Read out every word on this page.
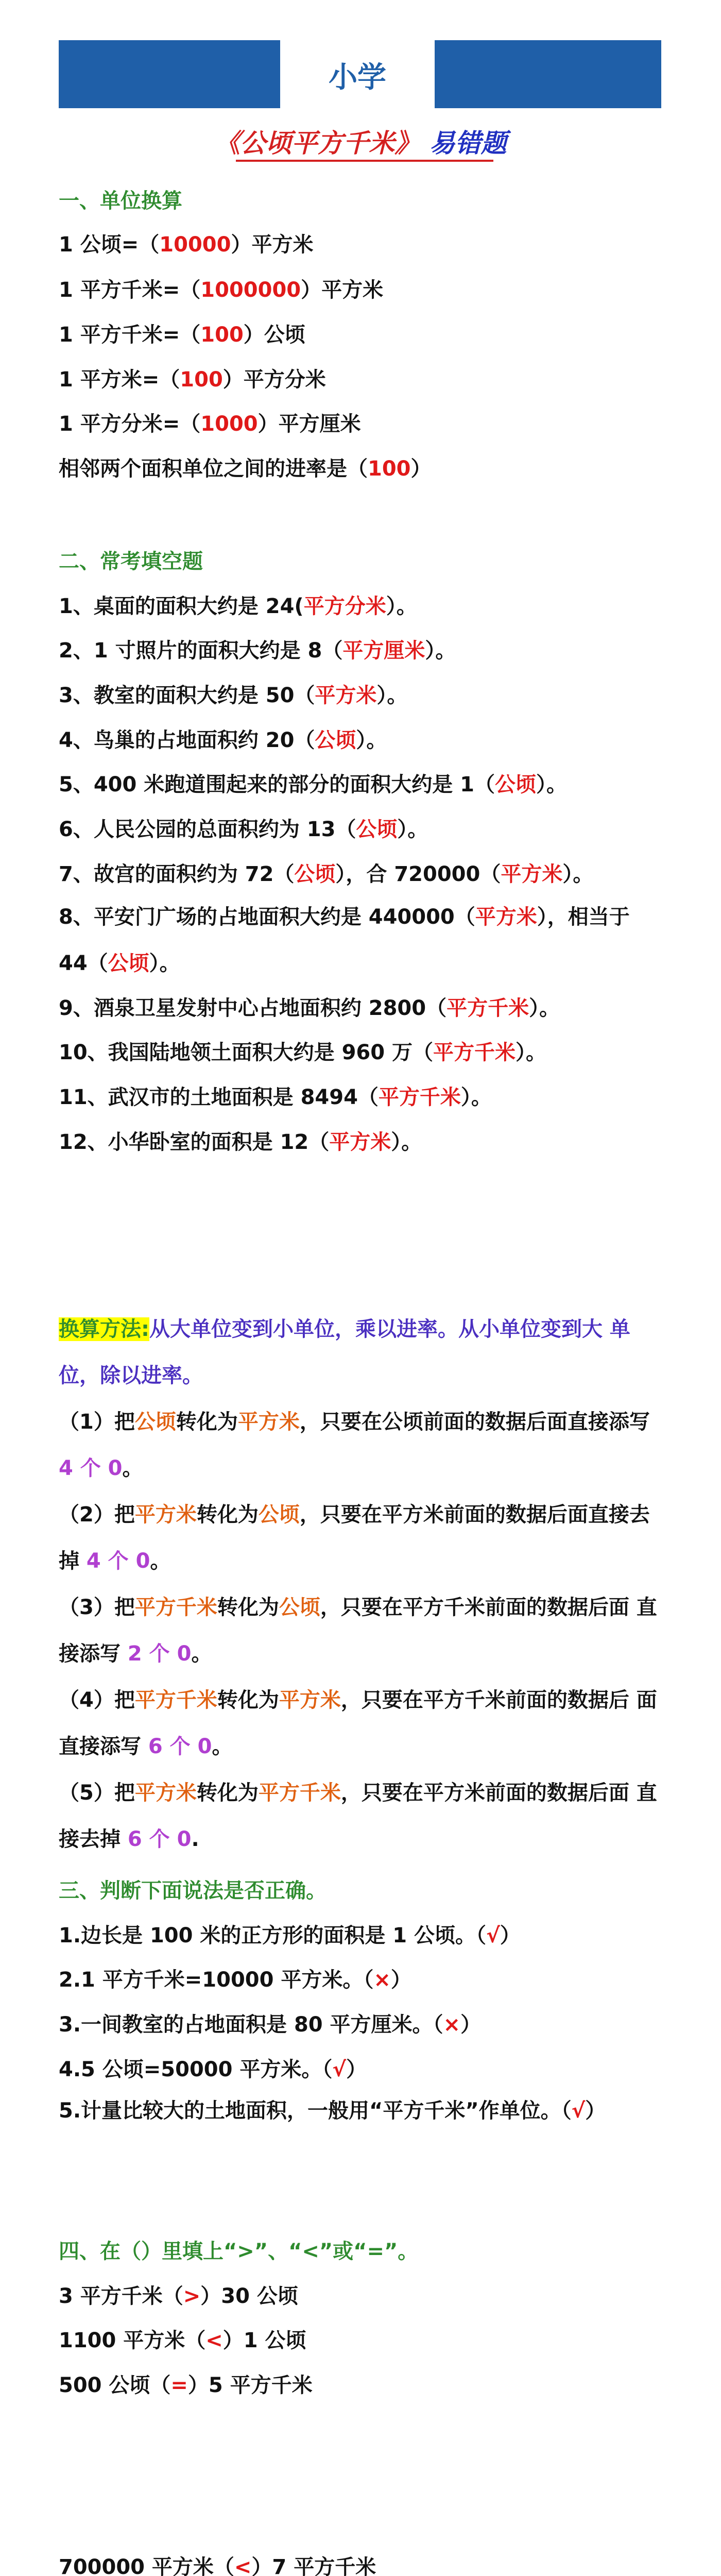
小学
《公顷平方千米》 易错题
一、单位换算
1 公顷=（10000）平方米
1 平方千米=（1000000）平方米
1 平方千米=（100）公顷
1 平方米=（100）平方分米
1 平方分米=（1000）平方厘米
相邻两个面积单位之间的进率是（100）
二、常考填空题
1、桌面的面积大约是 24(平方分米）。
2、1 寸照片的面积大约是 8（平方厘米）。
3、教室的面积大约是 50（平方米）。
4、鸟巢的占地面积约 20（公顷）。
5、400 米跑道围起来的部分的面积大约是 1（公顷）。
6、人民公园的总面积约为 13（公顷）。
7、故宫的面积约为 72（公顷），合 720000（平方米）。
8、平安门广场的占地面积大约是 440000（平方米），相当于 44（公顷）。
9、酒泉卫星发射中心占地面积约 2800（平方千米）。
10、我国陆地领土面积大约是 960 万（平方千米）。
11、武汉市的土地面积是 8494（平方千米）。
12、小华卧室的面积是 12（平方米）。
换算方法:从大单位变到小单位，乘以进率。从小单位变到大 单位，除以进率。
（1）把公顷转化为平方米，只要在公顷前面的数据后面直接添写 4 个 0。
（2）把平方米转化为公顷，只要在平方米前面的数据后面直接去掉 4 个 0。
（3）把平方千米转化为公顷，只要在平方千米前面的数据后面 直接添写 2 个 0。
（4）把平方千米转化为平方米，只要在平方千米前面的数据后 面直接添写 6 个 0。
（5）把平方米转化为平方千米，只要在平方米前面的数据后面 直接去掉 6 个 0.
三、判断下面说法是否正确。
1.边长是 100 米的正方形的面积是 1 公顷。（√）
2.1 平方千米=10000 平方米。（×）
3.一间教室的占地面积是 80 平方厘米。（×）
4.5 公顷=50000 平方米。（√）
5.计量比较大的土地面积，一般用“平方千米”作单位。（√）
四、在（）里填上“>”、“<”或“=”。
3 平方千米（>）30 公顷
1100 平方米（<）1 公顷
500 公顷（=）5 平方千米
700000 平方米（<）7 平方千米
